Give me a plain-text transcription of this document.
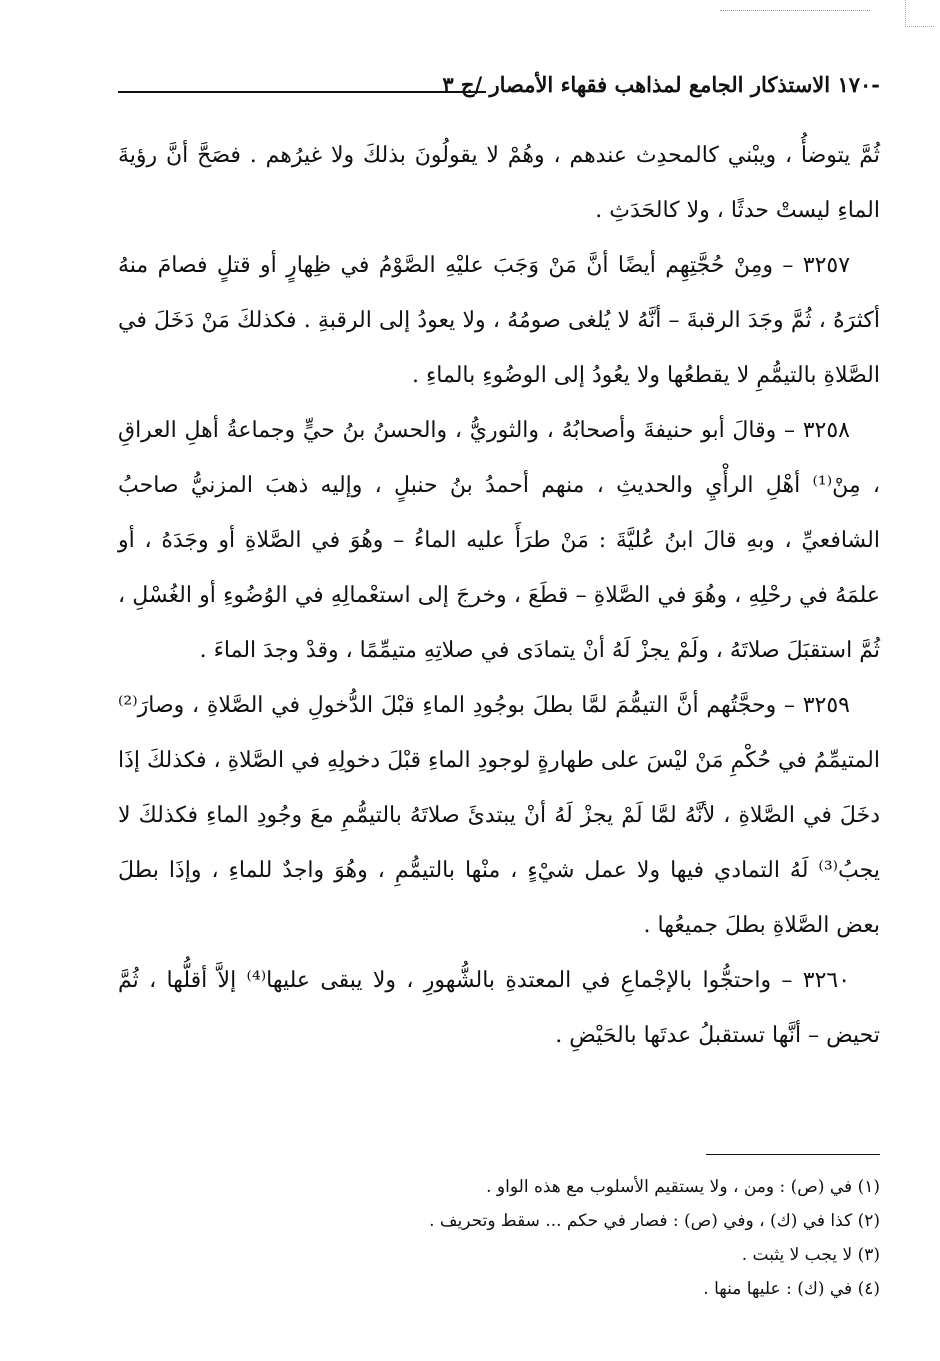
-١٧٠ الاستذكار الجامع لمذاهب فقهاء الأمصار /ج ٣

ثُمَّ يتوضأُ ، ويبْني كالمحدِث عندهم ، وهُمْ لا يقولُونَ بذلكَ ولا غيرُهم . فصَحَّ أنَّ رؤيةَ الماءِ ليستْ حدثًا ، ولا كالحَدَثِ .

٣٢٥٧ – ومِنْ حُجَّتِهِم أيضًا أنَّ مَنْ وَجَبَ عليْهِ الصَّوْمُ في ظِهارٍ أو قتلٍ فصامَ منهُ أكثرَهُ ، ثُمَّ وجَدَ الرقبةَ – أنَّهُ لا يُلغى صومُهُ ، ولا يعودُ إلى الرقبةِ . فكذلكَ مَنْ دَخَلَ في الصَّلاةِ بالتيمُّمِ لا يقطعُها ولا يعُودُ إلى الوضُوءِ بالماءِ .

٣٢٥٨ – وقالَ أبو حنيفةَ وأصحابُهُ ، والثوريُّ ، والحسنُ بنُ حيٍّ وجماعةُ أهلِ العراقِ ، مِنْ⁽¹⁾ أهْلِ الرأْيِ والحديثِ ، منهم أحمدُ بنُ حنبلٍ ، وإليه ذهبَ المزنيُّ صاحبُ الشافعيِّ ، وبهِ قالَ ابنُ عُليَّةَ : مَنْ طرَأَ عليه الماءُ – وهُوَ في الصَّلاةِ أو وجَدَهُ ، أو علمَهُ في رحْلِهِ ، وهُوَ في الصَّلاةِ – قطَعَ ، وخرجَ إلى استعْمالِهِ في الوُضُوءِ أو الغُسْلِ ، ثُمَّ استقبَلَ صلاتَهُ ، ولَمْ يجزْ لَهُ أنْ يتمادَى في صلاتِهِ متيمِّمًا ، وقدْ وجدَ الماءَ .

٣٢٥٩ – وحجَّتُهم أنَّ التيمُّمَ لمَّا بطلَ بوجُودِ الماءِ قبْلَ الدُّخولِ في الصَّلاةِ ، وصارَ⁽²⁾ المتيمِّمُ في حُكْمِ مَنْ ليْسَ على طهارةٍ لوجودِ الماءِ قبْلَ دخولِهِ في الصَّلاةِ ، فكذلكَ إذَا دخَلَ في الصَّلاةِ ، لأنَّهُ لمَّا لَمْ يجزْ لَهُ أنْ يبتدئَ صلاتَهُ بالتيمُّمِ معَ وجُودِ الماءِ فكذلكَ لا يجبُ⁽³⁾ لَهُ التمادي فيها ولا عمل شيْءٍ ، منْها بالتيمُّمِ ، وهُوَ واجدٌ للماءِ ، وإذَا بطلَ بعض الصَّلاةِ بطلَ جميعُها .

٣٢٦٠ – واحتجُّوا بالإجْماعِ في المعتدةِ بالشُّهورِ ، ولا يبقى عليها⁽⁴⁾ إلاَّ أقلُّها ، ثُمَّ تحيض – أنَّها تستقبلُ عدتَها بالحَيْضِ .

(١) في (ص) : ومن ، ولا يستقيم الأسلوب مع هذه الواو .

(٢) كذا في (ك) ، وفي (ص) : فصار في حكم ... سقط وتحريف .

(٣) لا يجب لا يثبت .

(٤) في (ك) : عليها منها .
